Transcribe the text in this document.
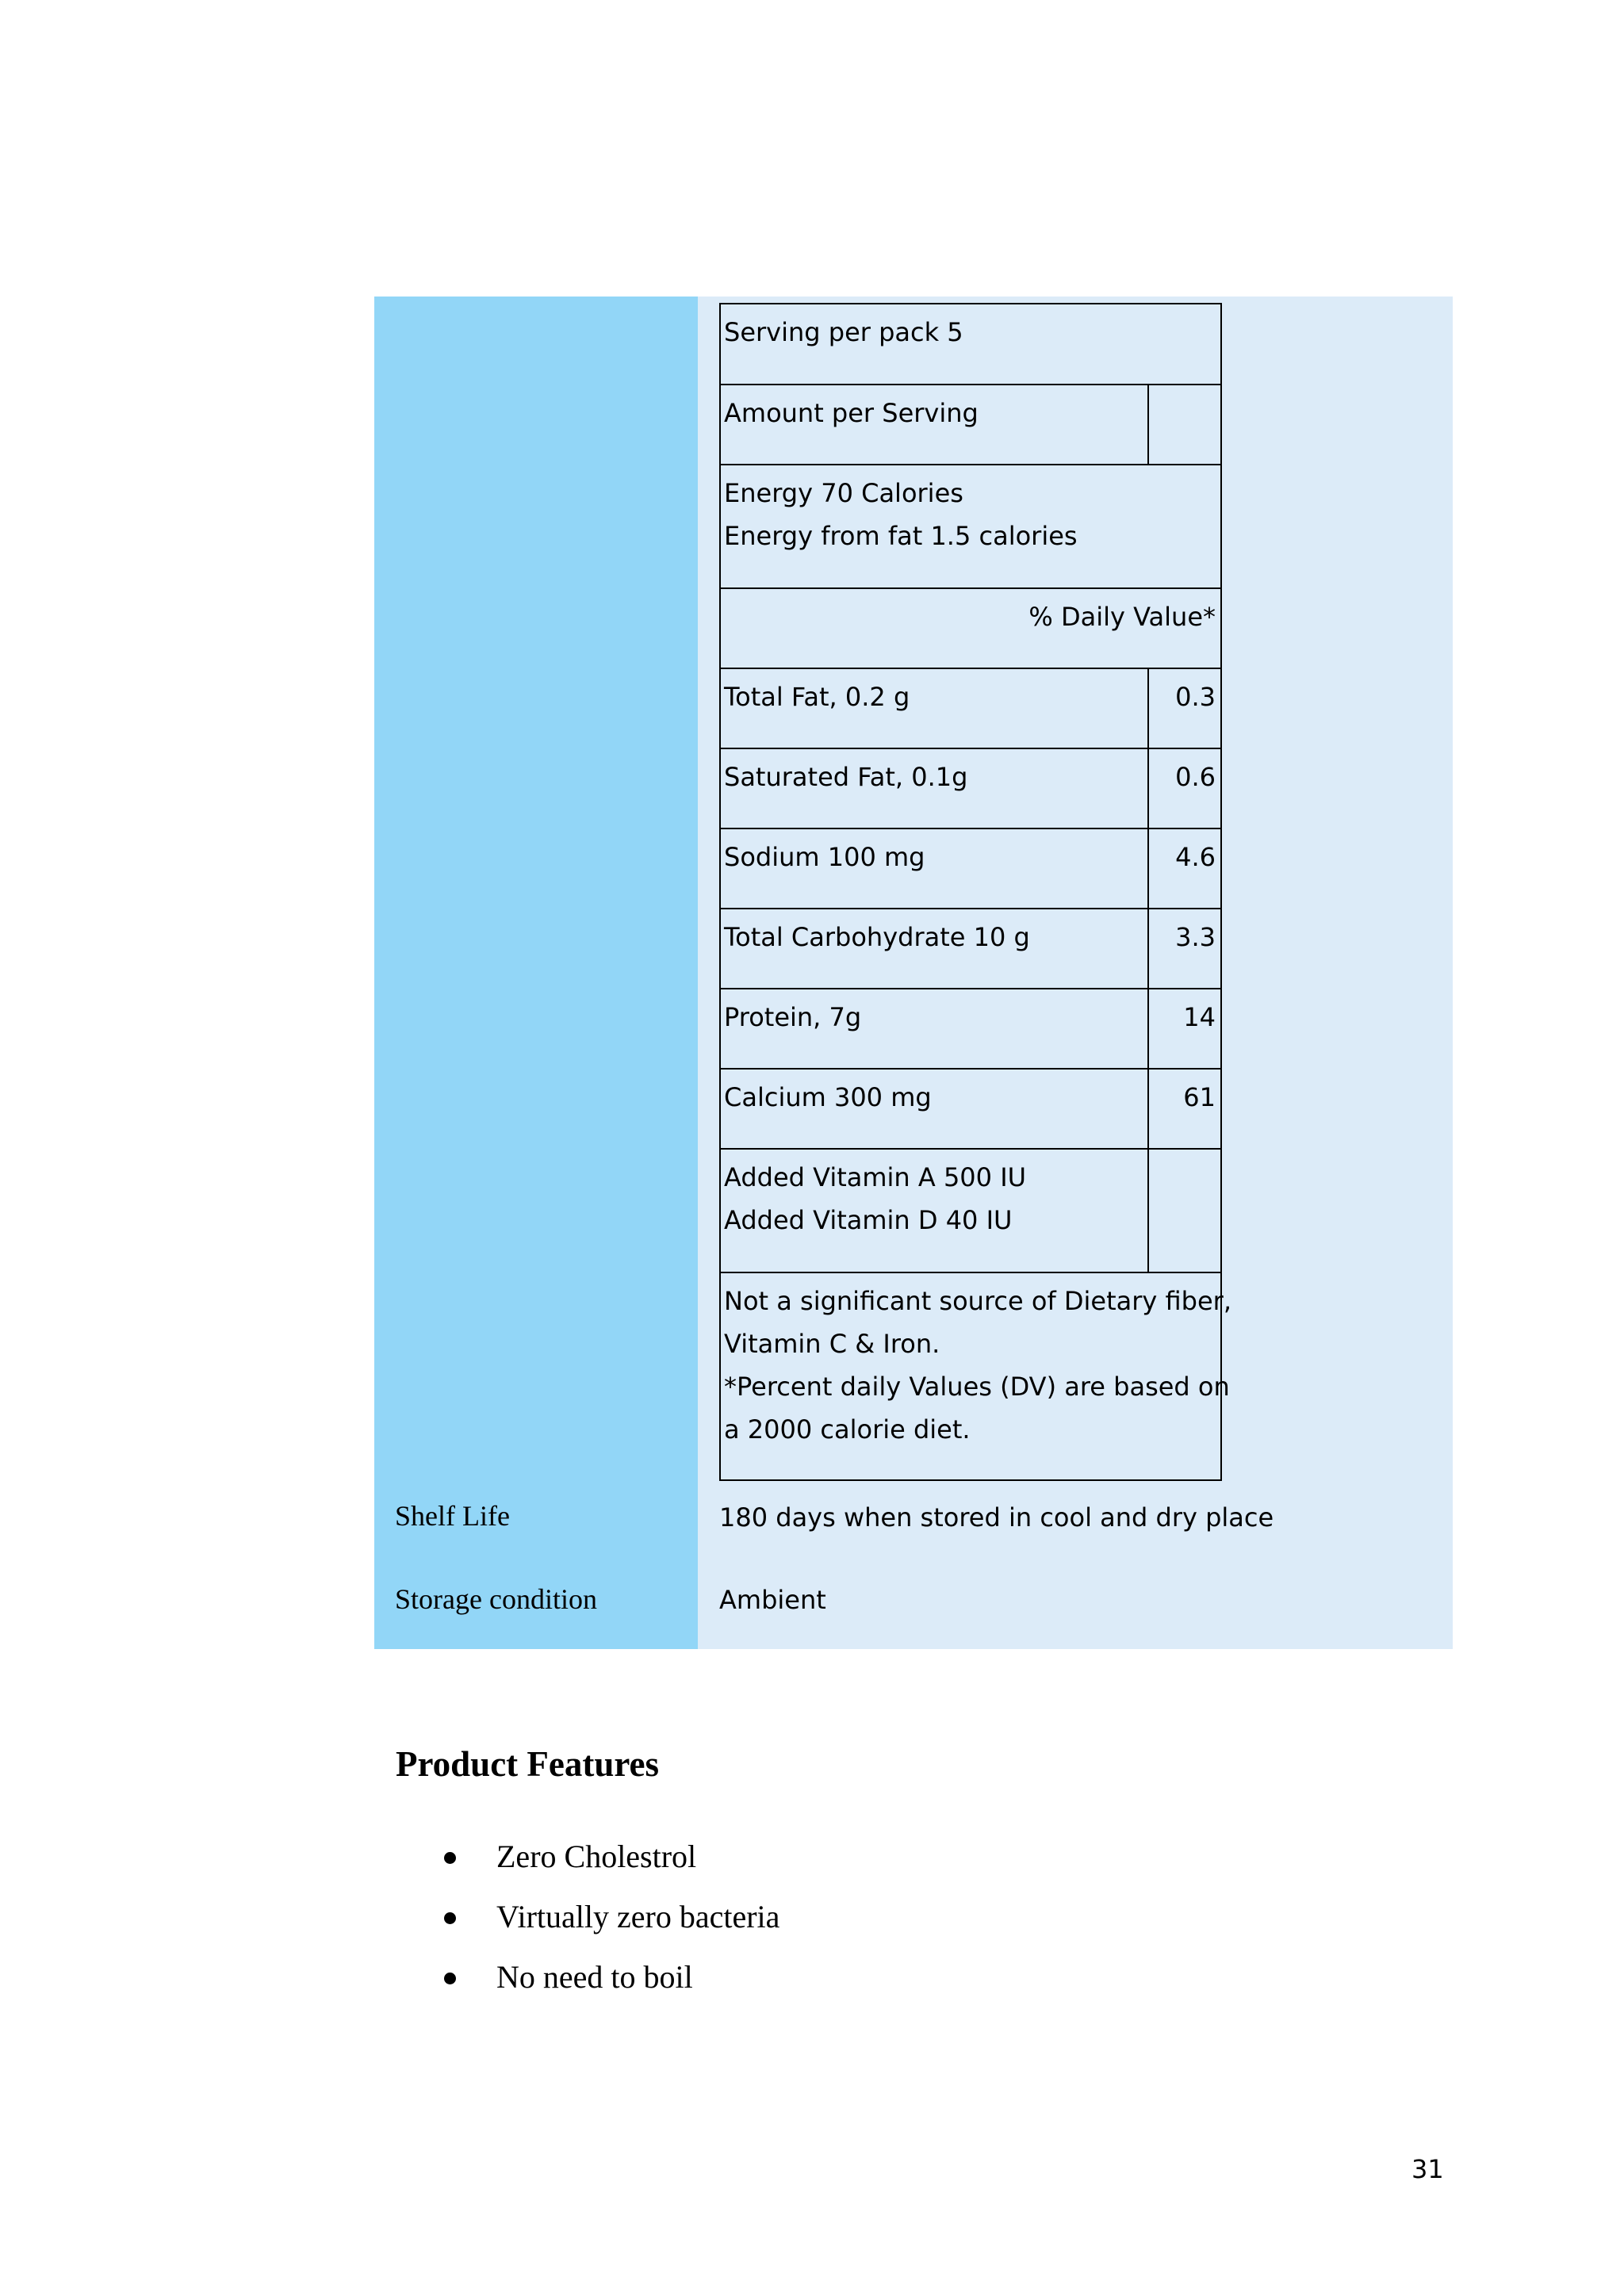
Serving per pack 5
Amount per Serving
Energy 70 Calories
Energy from fat 1.5 calories
% Daily Value*
Total Fat, 0.2 g	0.3
Saturated Fat, 0.1g	0.6
Sodium 100 mg	4.6
Total Carbohydrate 10 g	3.3
Protein, 7g	14
Calcium 300 mg	61
Added Vitamin A 500 IU
Added Vitamin D 40 IU
Not a significant source of Dietary fiber,
Vitamin C & Iron.
*Percent daily Values (DV) are based on
a 2000 calorie diet.
Shelf Life	180 days when stored in cool and dry place
Storage condition	Ambient
Product Features
Zero Cholestrol
Virtually zero bacteria
No need to boil
31
